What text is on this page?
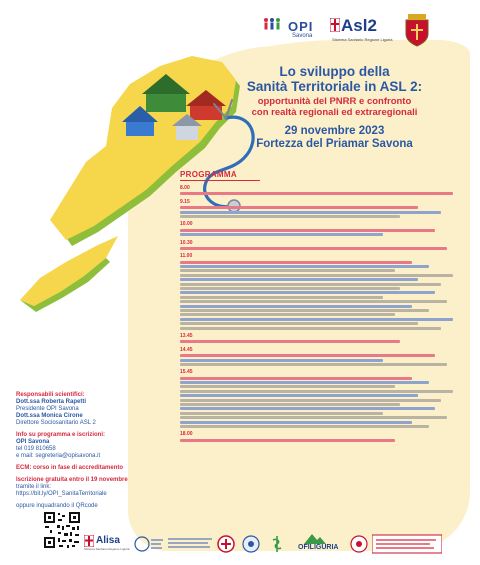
OPI
Savona
Asl2
Sistema Sanitario Regione Liguria
Lo sviluppo della
Sanità Territoriale in ASL 2:
opportunità del PNRR e confronto
con realtà regionali ed extraregionali
29 novembre 2023
Fortezza del Priamar Savona
PROGRAMMA
8.00
9.15
10.00
10.30
11.00
13.45
14.45
15.45
18.00
Responsabili scientifici:
Dott.ssa Roberta Rapetti
Presidente OPI Savona
Dott.ssa Monica Cirone
Direttore Sociosanitario ASL 2
Info su programma e iscrizioni:
OPI Savona
tel 019 810658
e mail: segreteria@opisavona.it
ECM: corso in fase di accreditamento
Iscrizione gratuita entro il 19 novembre
tramite il link:
https://bit.ly/OPI_SanitaTerritoriale
oppure inquadrando il QRcode
Alisa
Sistema Sanitario Regione Liguria	OFILIGURIA
